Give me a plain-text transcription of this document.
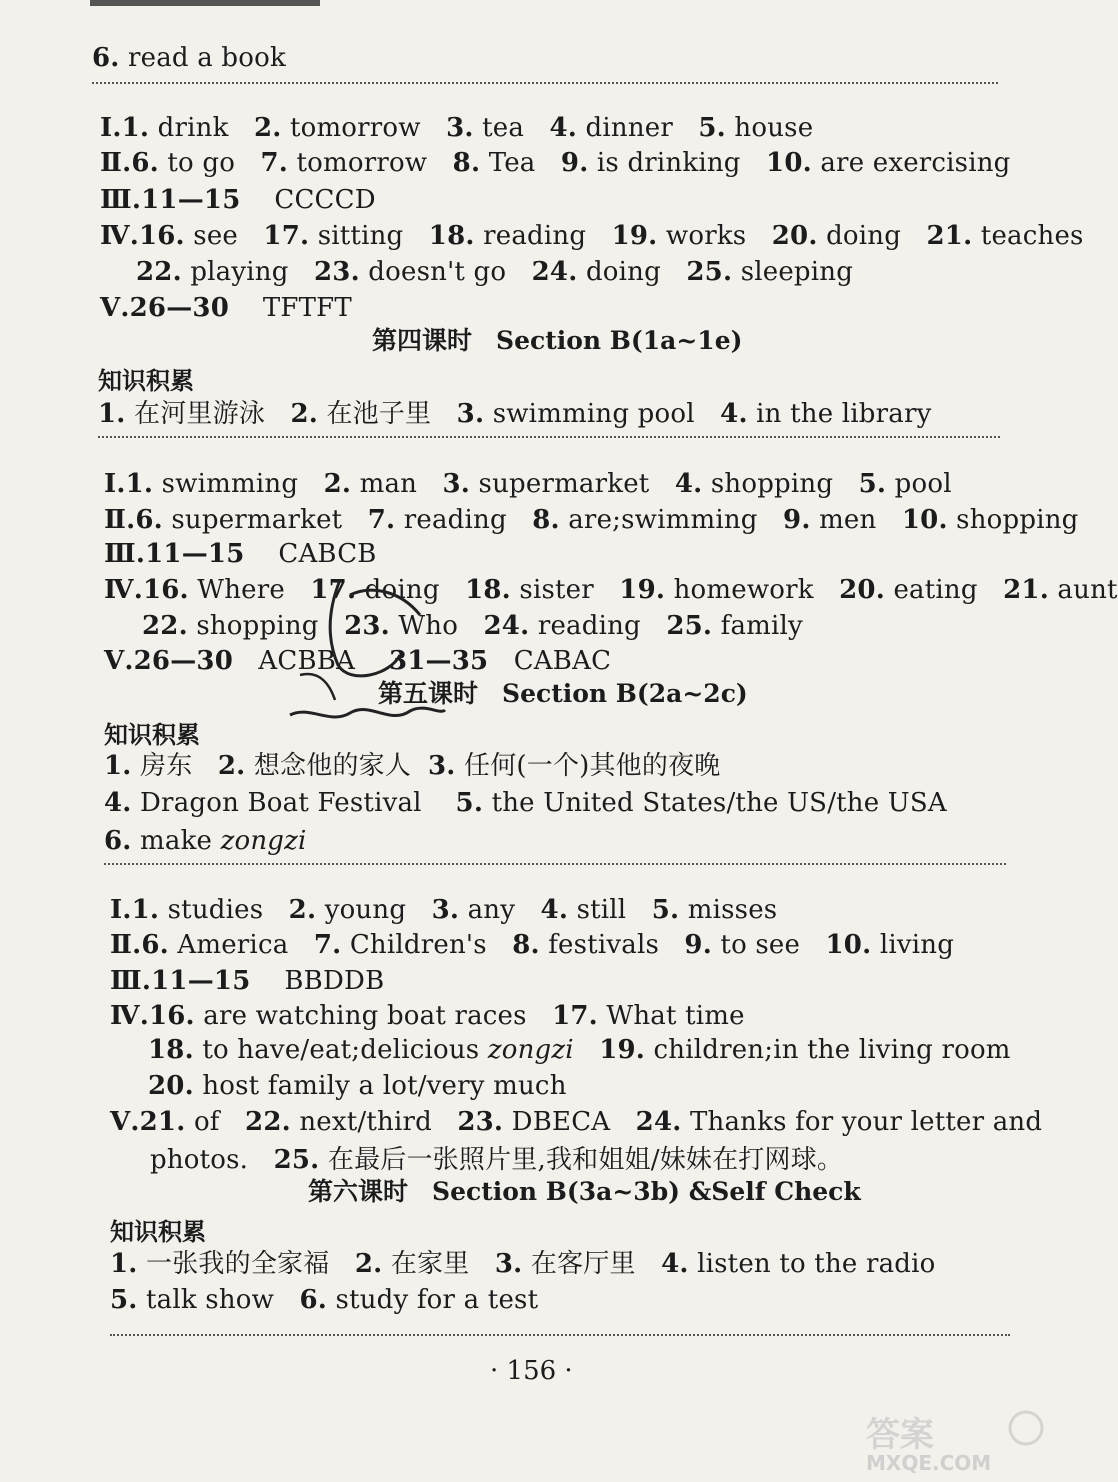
6. read a book
Ⅰ.1. drink 2. tomorrow 3. tea 4. dinner 5. house
Ⅱ.6. to go 7. tomorrow 8. Tea 9. is drinking 10. are exercising
Ⅲ.11—15 CCCCD
Ⅳ.16. see 17. sitting 18. reading 19. works 20. doing 21. teaches
22. playing 23. doesn't go 24. doing 25. sleeping
Ⅴ.26—30 TFTFT
第四课时 Section B(1a~1e)
知识积累
1. 在河里游泳 2. 在池子里 3. swimming pool 4. in the library
Ⅰ.1. swimming 2. man 3. supermarket 4. shopping 5. pool
Ⅱ.6. supermarket 7. reading 8. are;swimming 9. men 10. shopping
Ⅲ.11—15 CABCB
Ⅳ.16. Where 17. doing 18. sister 19. homework 20. eating 21. aunt
22. shopping 23. Who 24. reading 25. family
Ⅴ.26—30 ACBBA 31—35 CABAC
第五课时 Section B(2a~2c)
知识积累
1. 房东 2. 想念他的家人 3. 任何(一个)其他的夜晚
4. Dragon Boat Festival 5. the United States/the US/the USA
6. make zongzi
Ⅰ.1. studies 2. young 3. any 4. still 5. misses
Ⅱ.6. America 7. Children's 8. festivals 9. to see 10. living
Ⅲ.11—15 BBDDB
Ⅳ.16. are watching boat races 17. What time
18. to have/eat;delicious zongzi 19. children;in the living room
20. host family a lot/very much
Ⅴ.21. of 22. next/third 23. DBECA 24. Thanks for your letter and
photos. 25. 在最后一张照片里,我和姐姐/妹妹在打网球。
第六课时 Section B(3a~3b) &Self Check
知识积累
1. 一张我的全家福 2. 在家里 3. 在客厅里 4. listen to the radio
5. talk show 6. study for a test
· 156 ·
答案
MXQE.COM
